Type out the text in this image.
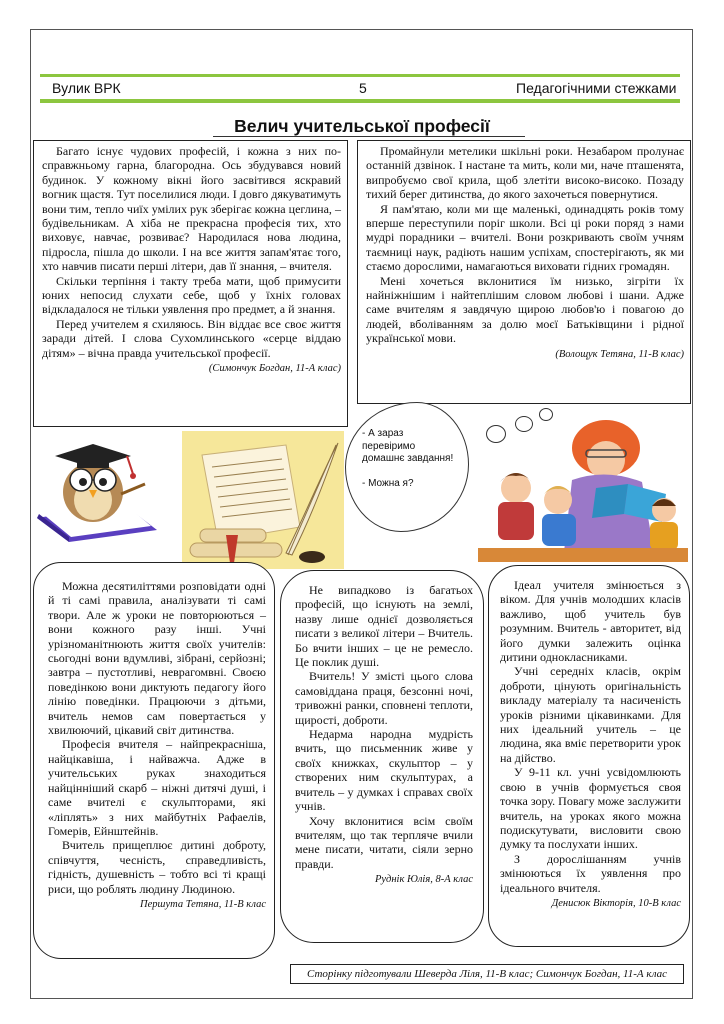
Вулик ВРК	5	Педагогічними стежками
Велич учительської професії

Багато існує чудових професій, і кожна з них по-справжньому гарна, благородна. Ось збудувався новий будинок. У кожному вікні його засвітився яскравий вогник щастя. Тут поселилися люди. І довго дякуватимуть вони тим, тепло чиїх умілих рук зберігає кожна цеглина, – будівельникам. А хіба не прекрасна професія тих, хто виховує, навчає, розвиває? Народилася нова людина, підросла, пішла до школи. І на все життя запам'ятає того, хто навчив писати перші літери, дав її знання, – вчителя.

Скільки терпіння і такту треба мати, щоб примусити юних непосид слухати себе, щоб у їхніх головах відкладалося не тільки уявлення про предмет, а й знання.

Перед учителем я схиляюсь. Він віддає все своє життя заради дітей. І слова Сухомлинського «серце віддаю дітям» – вічна правда учительської професії.

(Симончук Богдан, 11-А клас)

Промайнули метелики шкільні роки. Незабаром пролунає останній дзвінок. І настане та мить, коли ми, наче пташенята, випробуємо свої крила, щоб злетіти високо-високо. Позаду тихий берег дитинства, до якого захочеться повернутися.

Я пам'ятаю, коли ми ще маленькі, одинадцять років тому вперше переступили поріг школи. Всі ці роки поряд з нами мудрі порадники – вчителі. Вони розкривають своїм учням таємниці наук, радіють нашим успіхам, спостерігають, як ми стаємо дорослими, намагаються виховати гідних громадян.

Мені хочеться вклонитися їм низько, зігріти їх найніжнішим і найтеплішим словом любові і шани. Адже саме вчителям я завдячую щирою любов'ю і повагою до людей, вболіванням за долю моєї Батьківщини і рідної української мови.

(Волощук Тетяна, 11-В клас)

- А зараз перевіримо домашнє завдання!

- Можна я?

Можна десятиліттями розповідати одні й ті самі правила, аналізувати ті самі твори. Але ж уроки не повторюються – вони кожного разу інші. Учні урізноманітнюють життя своїх учителів: сьогодні вони вдумливі, зібрані, серйозні; завтра – пустотливі, неврагомвні. Своєю поведінкою вони диктують педагогу його лінію поведінки. Працюючи з дітьми, вчитель немов сам повертається у хвилюючий, цікавий світ дитинства.

Професія вчителя – найпрекрасніша, найцікавіша, і найважча. Адже в учительських руках знаходиться найцінніший скарб – ніжні дитячі душі, і саме вчителі є скульпторами, які «ліплять» з них майбутніх Рафаелів, Гомерів, Ейнштейнів.

Вчитель прищеплює дитині доброту, співчуття, чесність, справедливість, гідність, душевність – тобто всі ті кращі риси, що роблять людину Людиною.

Першута Тетяна, 11-В клас

Не випадково із багатьох професій, що існують на землі, назву лише однієї дозволяється писати з великої літери – Вчитель. Бо вчити інших – це не ремесло. Це поклик душі.

Вчитель! У змісті цього слова самовіддана праця, безсонні ночі, тривожні ранки, сповнені теплоти, щирості, доброти.

Недарма народна мудрість вчить, що письменник живе у своїх книжках, скульптор – у створених ним скульптурах, а вчитель – у думках і справах своїх учнів.

Хочу вклонитися всім своїм вчителям, що так терпляче вчили мене писати, читати, сіяли зерно правди.

Руднік Юлія, 8-А клас

Ідеал учителя змінюється з віком. Для учнів молодших класів важливо, щоб учитель був розумним. Вчитель - авторитет, від його думки залежить оцінка дитини однокласниками.

Учні середніх класів, окрім доброти, цінують оригінальність викладу матеріалу та насиченість уроків різними цікавинками. Для них ідеальний учитель – це людина, яка вміє перетворити урок на дійство.

У 9-11 кл. учні усвідомлюють свою в учнів формується своя точка зору. Повагу може заслужити вчитель, на уроках якого можна подискутувати, висловити свою думку та послухати інших.

З дорослішанням учнів змінюються їх уявлення про ідеального вчителя.

Денисюк Вікторія, 10-В клас

Сторінку підготували Шеверда Ліля, 11-В клас; Симончук Богдан, 11-А клас
